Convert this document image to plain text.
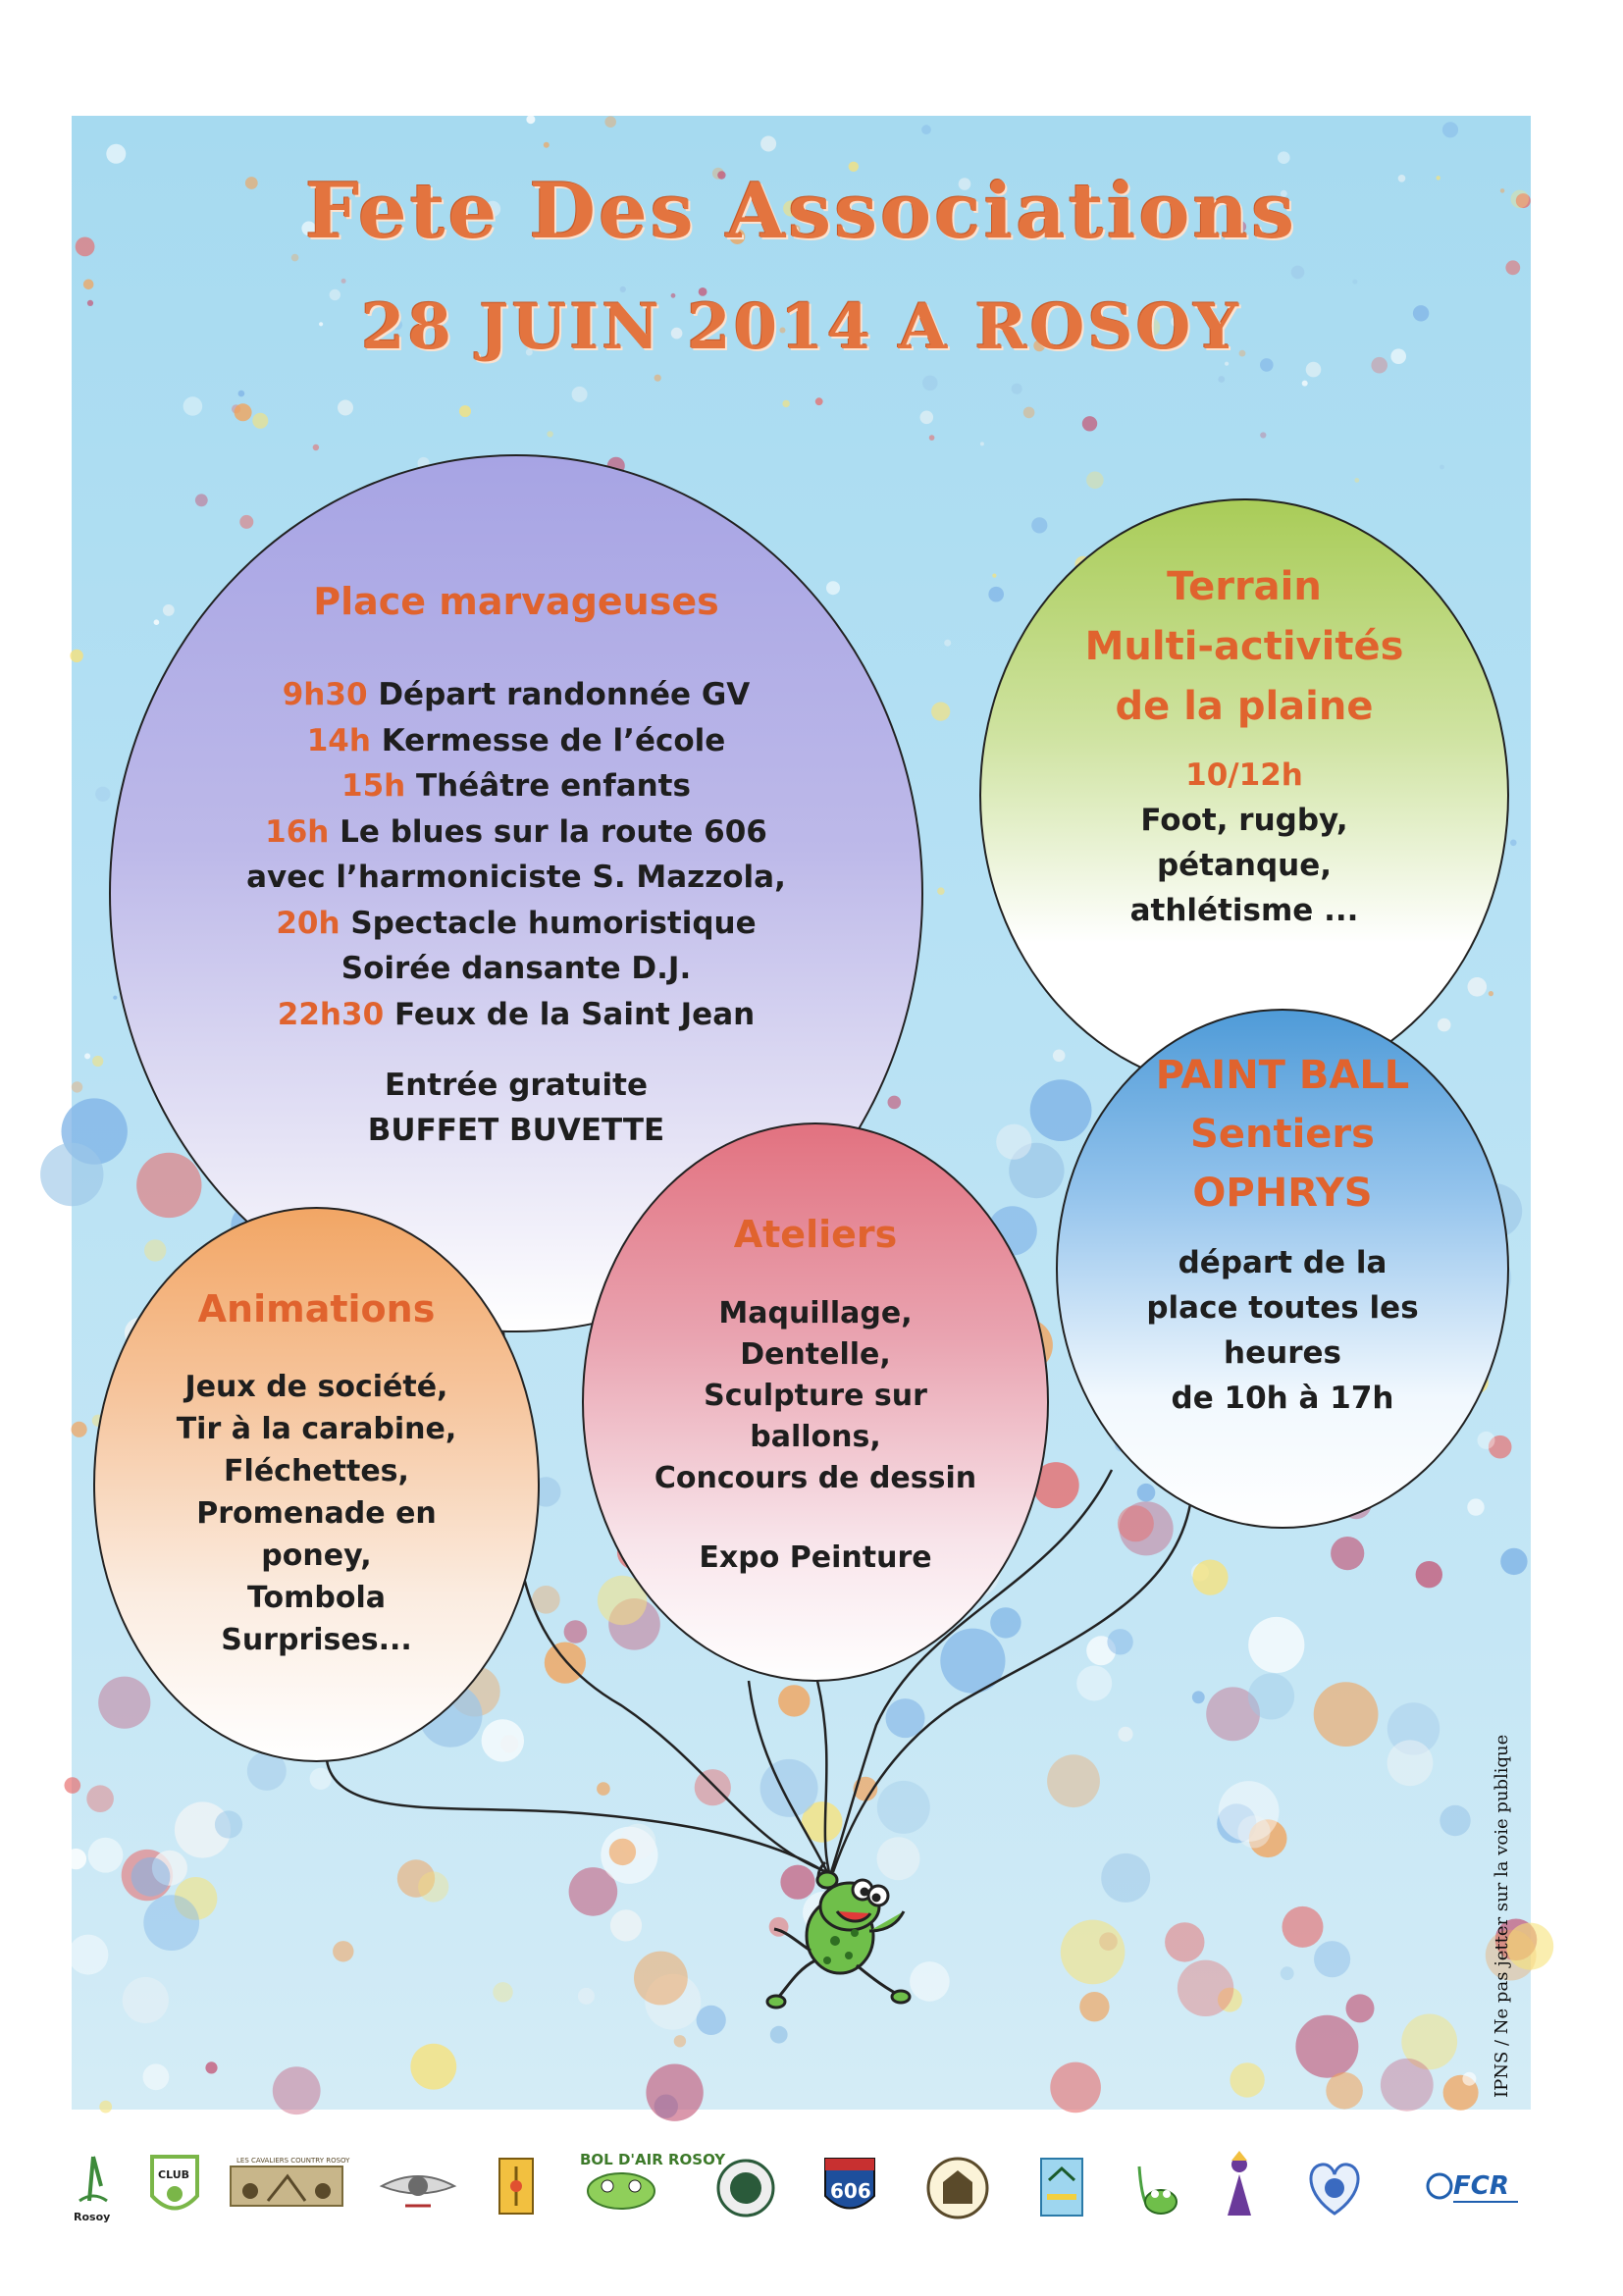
Fete Des Associations
28 JUIN 2014 A ROSOY
Place marvageuses
9h30 Départ randonnée GV
14h Kermesse de l’école
15h Théâtre enfants
16h Le blues sur la route 606
avec l’harmoniciste S. Mazzola,
20h Spectacle humoristique
Soirée dansante D.J.
22h30 Feux de la Saint Jean
Entrée gratuite
BUFFET BUVETTE
Terrain
Multi-activités
de la plaine
10/12h
Foot, rugby,
pétanque,
athlétisme ...
Ateliers
Maquillage,
Dentelle,
Sculpture sur
ballons,
Concours de dessin
Expo Peinture
PAINT BALL
Sentiers
OPHRYS
départ de la
place toutes les
heures
de 10h à 17h
Animations
Jeux de société,
Tir à la carabine,
Fléchettes,
Promenade en
poney,
Tombola
Surprises...
IPNS / Ne pas jetter sur la voie publique
Rosoy
CLUB
LES CAVALIERS COUNTRY ROSOY	BOL D'AIR ROSOY
606	FCR
